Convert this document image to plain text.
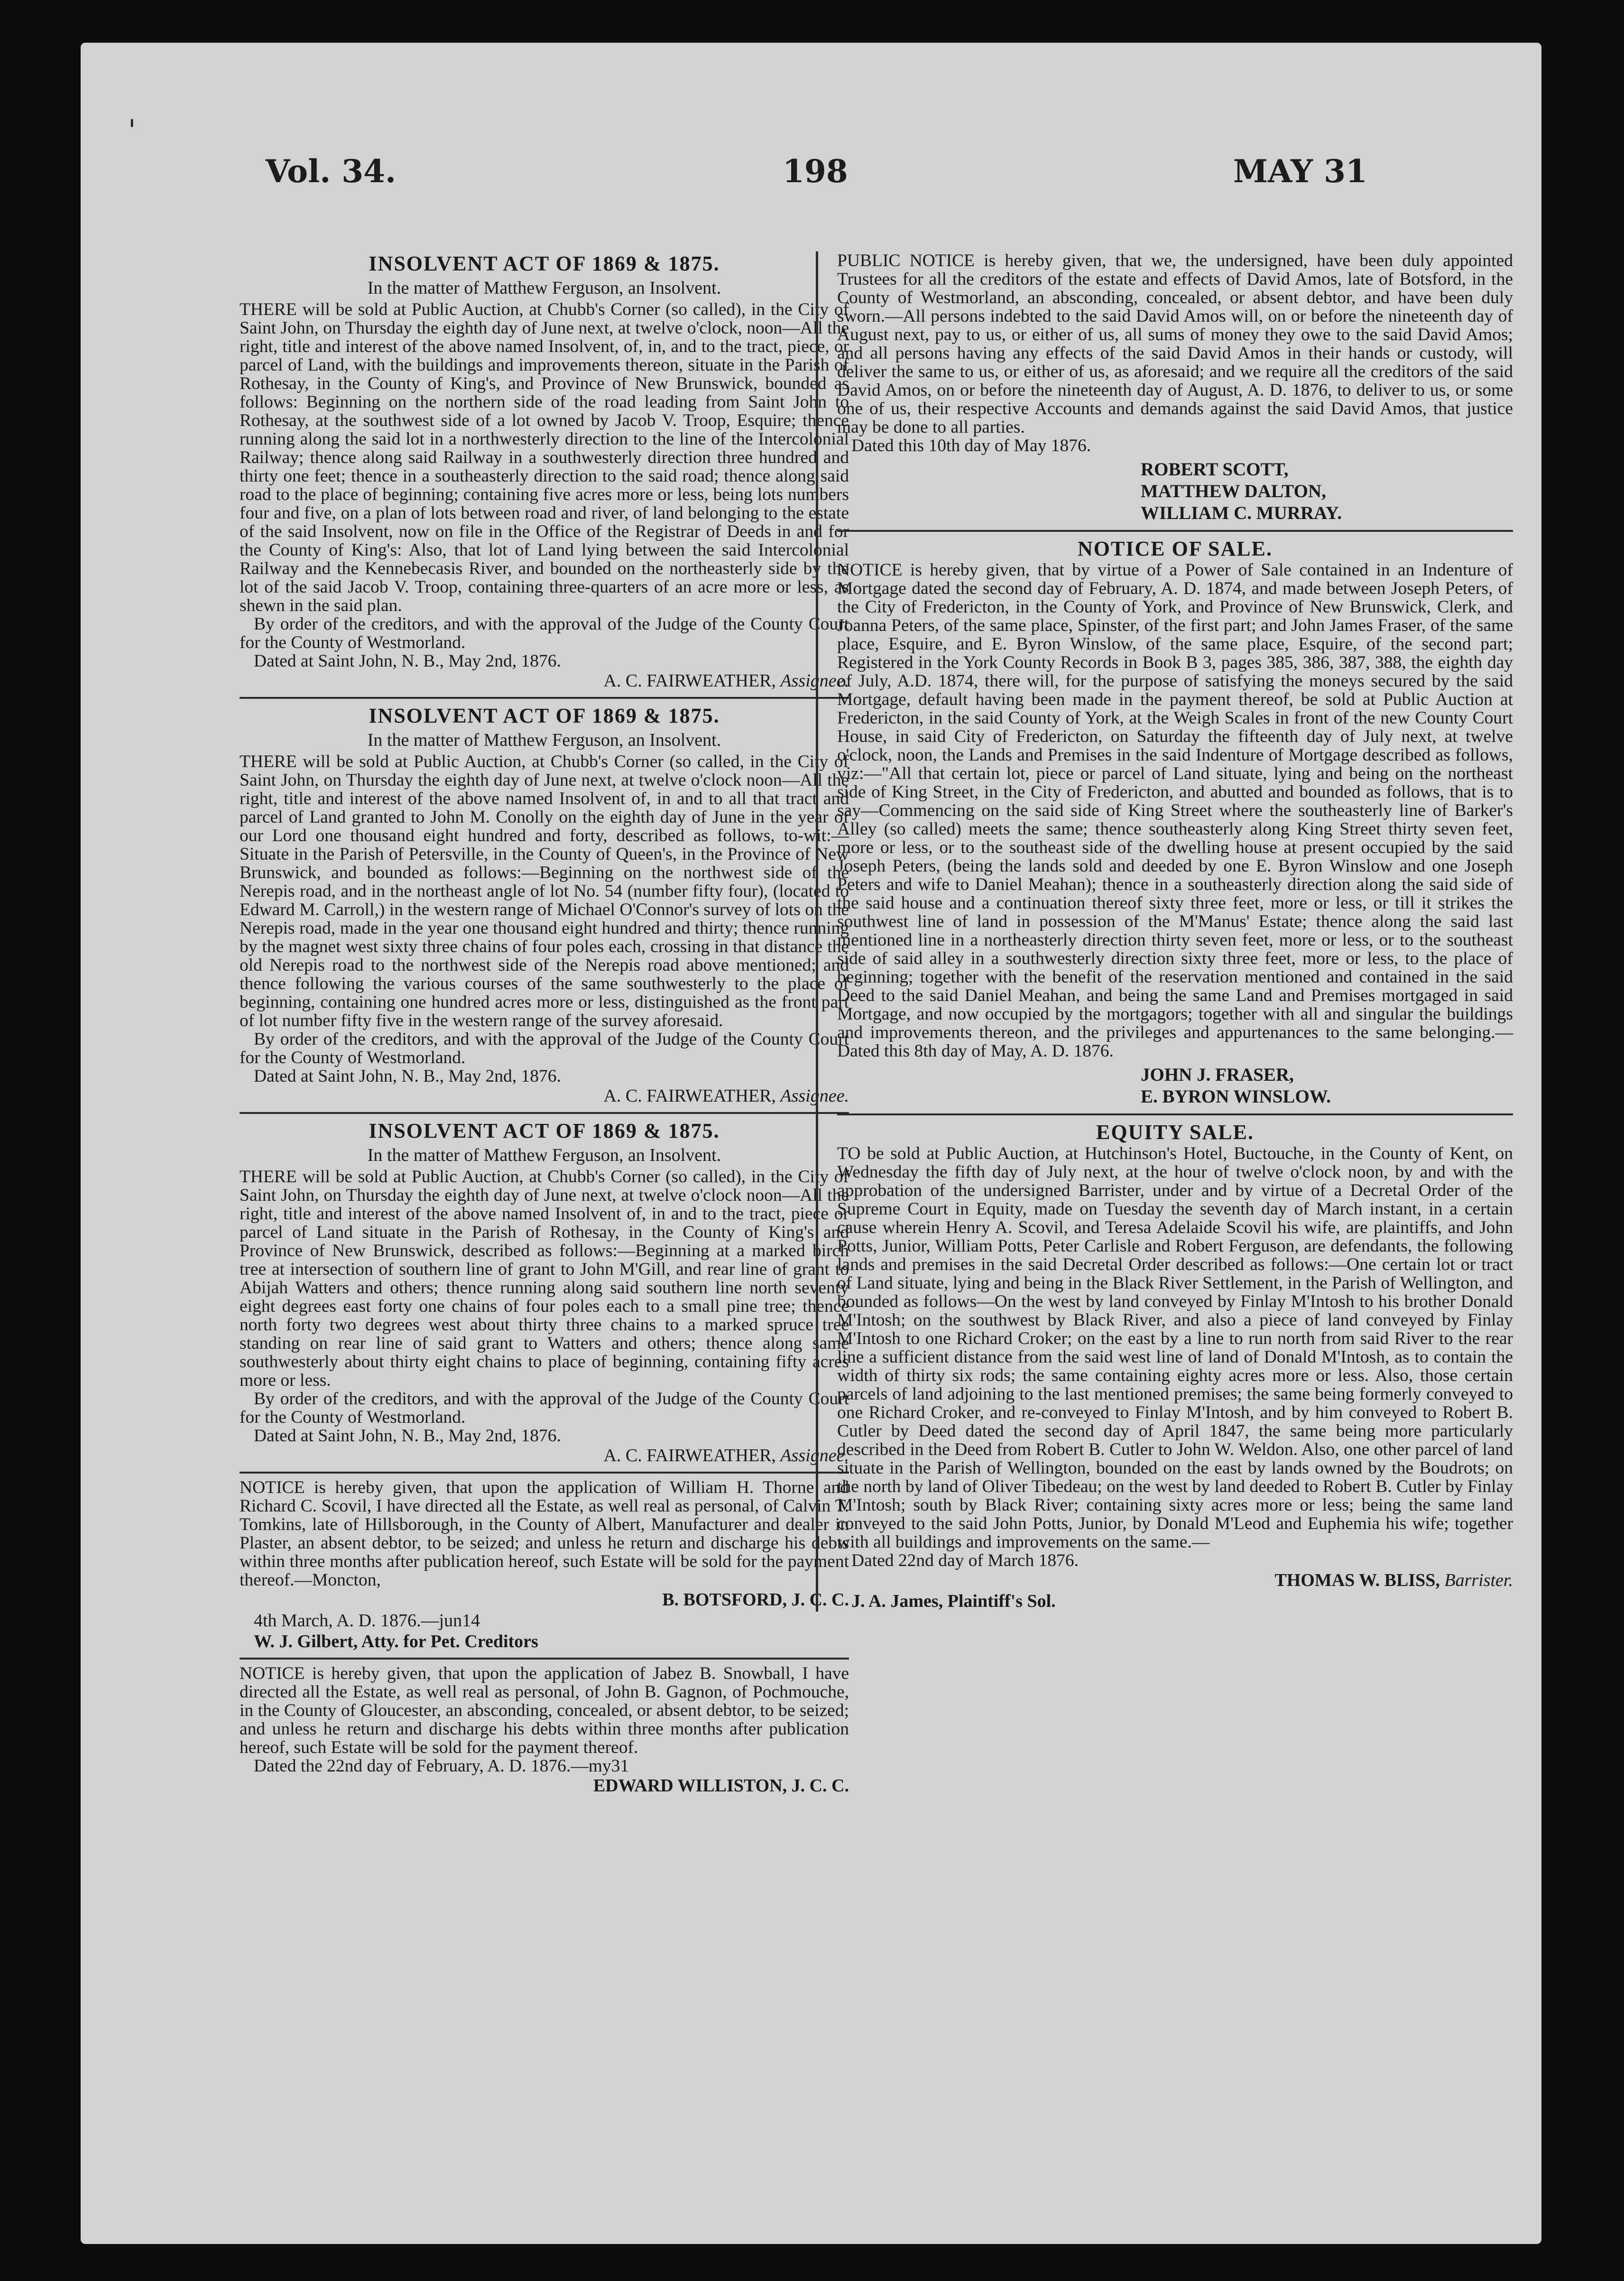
'
Vol. 34.	198	MAY 31

INSOLVENT ACT OF 1869 & 1875.

In the matter of Matthew Ferguson, an Insolvent.

THERE will be sold at Public Auction, at Chubb's Corner (so called), in the City of Saint John, on Thursday the eighth day of June next, at twelve o'clock, noon—All the right, title and interest of the above named Insolvent, of, in, and to the tract, piece, or parcel of Land, with the buildings and improvements thereon, situate in the Parish of Rothesay, in the County of King's, and Province of New Brunswick, bounded as follows: Beginning on the northern side of the road leading from Saint John to Rothesay, at the southwest side of a lot owned by Jacob V. Troop, Esquire; thence running along the said lot in a northwesterly direction to the line of the Intercolonial Railway; thence along said Railway in a southwesterly direction three hundred and thirty one feet; thence in a southeasterly direction to the said road; thence along said road to the place of beginning; containing five acres more or less, being lots numbers four and five, on a plan of lots between road and river, of land belonging to the estate of the said Insolvent, now on file in the Office of the Registrar of Deeds in and for the County of King's: Also, that lot of Land lying between the said Intercolonial Railway and the Kennebecasis River, and bounded on the northeasterly side by the lot of the said Jacob V. Troop, containing three-quarters of an acre more or less, as shewn in the said plan.

By order of the creditors, and with the approval of the Judge of the County Court for the County of Westmorland.

Dated at Saint John, N. B., May 2nd, 1876.

A. C. FAIRWEATHER, Assignee.

INSOLVENT ACT OF 1869 & 1875.

In the matter of Matthew Ferguson, an Insolvent.

THERE will be sold at Public Auction, at Chubb's Corner (so called, in the City of Saint John, on Thursday the eighth day of June next, at twelve o'clock noon—All the right, title and interest of the above named Insolvent of, in and to all that tract and parcel of Land granted to John M. Conolly on the eighth day of June in the year of our Lord one thousand eight hundred and forty, described as follows, to-wit:—Situate in the Parish of Petersville, in the County of Queen's, in the Province of New Brunswick, and bounded as follows:—Beginning on the northwest side of the Nerepis road, and in the northeast angle of lot No. 54 (number fifty four), (located to Edward M. Carroll,) in the western range of Michael O'Connor's survey of lots on the Nerepis road, made in the year one thousand eight hundred and thirty; thence running by the magnet west sixty three chains of four poles each, crossing in that distance the old Nerepis road to the northwest side of the Nerepis road above mentioned; and thence following the various courses of the same southwesterly to the place of beginning, containing one hundred acres more or less, distinguished as the front part of lot number fifty five in the western range of the survey aforesaid.

By order of the creditors, and with the approval of the Judge of the County Court for the County of Westmorland.

Dated at Saint John, N. B., May 2nd, 1876.

A. C. FAIRWEATHER, Assignee.

INSOLVENT ACT OF 1869 & 1875.

In the matter of Matthew Ferguson, an Insolvent.

THERE will be sold at Public Auction, at Chubb's Corner (so called), in the City of Saint John, on Thursday the eighth day of June next, at twelve o'clock noon—All the right, title and interest of the above named Insolvent of, in and to the tract, piece or parcel of Land situate in the Parish of Rothesay, in the County of King's and Province of New Brunswick, described as follows:—Beginning at a marked birch tree at intersection of southern line of grant to John M'Gill, and rear line of grant to Abijah Watters and others; thence running along said southern line north seventy eight degrees east forty one chains of four poles each to a small pine tree; thence north forty two degrees west about thirty three chains to a marked spruce tree standing on rear line of said grant to Watters and others; thence along same southwesterly about thirty eight chains to place of beginning, containing fifty acres more or less.

By order of the creditors, and with the approval of the Judge of the County Court for the County of Westmorland.

Dated at Saint John, N. B., May 2nd, 1876.

A. C. FAIRWEATHER, Assignee.

NOTICE is hereby given, that upon the application of William H. Thorne and Richard C. Scovil, I have directed all the Estate, as well real as personal, of Calvin T. Tomkins, late of Hillsborough, in the County of Albert, Manufacturer and dealer in Plaster, an absent debtor, to be seized; and unless he return and discharge his debts within three months after publication hereof, such Estate will be sold for the payment thereof.—Moncton,

B. BOTSFORD, J. C. C.

4th March, A. D. 1876.—jun14

W. J. Gilbert, Atty. for Pet. Creditors

NOTICE is hereby given, that upon the application of Jabez B. Snowball, I have directed all the Estate, as well real as personal, of John B. Gagnon, of Pochmouche, in the County of Gloucester, an absconding, concealed, or absent debtor, to be seized; and unless he return and discharge his debts within three months after publication hereof, such Estate will be sold for the payment thereof.

Dated the 22nd day of February, A. D. 1876.—my31

EDWARD WILLISTON, J. C. C.

PUBLIC NOTICE is hereby given, that we, the undersigned, have been duly appointed Trustees for all the creditors of the estate and effects of David Amos, late of Botsford, in the County of Westmorland, an absconding, concealed, or absent debtor, and have been duly sworn.—All persons indebted to the said David Amos will, on or before the nineteenth day of August next, pay to us, or either of us, all sums of money they owe to the said David Amos; and all persons having any effects of the said David Amos in their hands or custody, will deliver the same to us, or either of us, as aforesaid; and we require all the creditors of the said David Amos, on or before the nineteenth day of August, A. D. 1876, to deliver to us, or some one of us, their respective Accounts and demands against the said David Amos, that justice may be done to all parties.

Dated this 10th day of May 1876.

ROBERT SCOTT,
MATTHEW DALTON,
WILLIAM C. MURRAY.

NOTICE OF SALE.

NOTICE is hereby given, that by virtue of a Power of Sale contained in an Indenture of Mortgage dated the second day of February, A. D. 1874, and made between Joseph Peters, of the City of Fredericton, in the County of York, and Province of New Brunswick, Clerk, and Joanna Peters, of the same place, Spinster, of the first part; and John James Fraser, of the same place, Esquire, and E. Byron Winslow, of the same place, Esquire, of the second part; Registered in the York County Records in Book B 3, pages 385, 386, 387, 388, the eighth day of July, A.D. 1874, there will, for the purpose of satisfying the moneys secured by the said Mortgage, default having been made in the payment thereof, be sold at Public Auction at Fredericton, in the said County of York, at the Weigh Scales in front of the new County Court House, in said City of Fredericton, on Saturday the fifteenth day of July next, at twelve o'clock, noon, the Lands and Premises in the said Indenture of Mortgage described as follows, viz:—"All that certain lot, piece or parcel of Land situate, lying and being on the northeast side of King Street, in the City of Fredericton, and abutted and bounded as follows, that is to say—Commencing on the said side of King Street where the southeasterly line of Barker's Alley (so called) meets the same; thence southeasterly along King Street thirty seven feet, more or less, or to the southeast side of the dwelling house at present occupied by the said Joseph Peters, (being the lands sold and deeded by one E. Byron Winslow and one Joseph Peters and wife to Daniel Meahan); thence in a southeasterly direction along the said side of the said house and a continuation thereof sixty three feet, more or less, or till it strikes the southwest line of land in possession of the M'Manus' Estate; thence along the said last mentioned line in a northeasterly direction thirty seven feet, more or less, or to the southeast side of said alley in a southwesterly direction sixty three feet, more or less, to the place of beginning; together with the benefit of the reservation mentioned and contained in the said Deed to the said Daniel Meahan, and being the same Land and Premises mortgaged in said Mortgage, and now occupied by the mortgagors; together with all and singular the buildings and improvements thereon, and the privileges and appurtenances to the same belonging.—Dated this 8th day of May, A. D. 1876.

JOHN J. FRASER,
E. BYRON WINSLOW.

EQUITY SALE.

TO be sold at Public Auction, at Hutchinson's Hotel, Buctouche, in the County of Kent, on Wednesday the fifth day of July next, at the hour of twelve o'clock noon, by and with the approbation of the undersigned Barrister, under and by virtue of a Decretal Order of the Supreme Court in Equity, made on Tuesday the seventh day of March instant, in a certain cause wherein Henry A. Scovil, and Teresa Adelaide Scovil his wife, are plaintiffs, and John Potts, Junior, William Potts, Peter Carlisle and Robert Ferguson, are defendants, the following lands and premises in the said Decretal Order described as follows:—One certain lot or tract of Land situate, lying and being in the Black River Settlement, in the Parish of Wellington, and bounded as follows—On the west by land conveyed by Finlay M'Intosh to his brother Donald M'Intosh; on the southwest by Black River, and also a piece of land conveyed by Finlay M'Intosh to one Richard Croker; on the east by a line to run north from said River to the rear line a sufficient distance from the said west line of land of Donald M'Intosh, as to contain the width of thirty six rods; the same containing eighty acres more or less. Also, those certain parcels of land adjoining to the last mentioned premises; the same being formerly conveyed to one Richard Croker, and re-conveyed to Finlay M'Intosh, and by him conveyed to Robert B. Cutler by Deed dated the second day of April 1847, the same being more particularly described in the Deed from Robert B. Cutler to John W. Weldon. Also, one other parcel of land situate in the Parish of Wellington, bounded on the east by lands owned by the Boudrots; on the north by land of Oliver Tibedeau; on the west by land deeded to Robert B. Cutler by Finlay M'Intosh; south by Black River; containing sixty acres more or less; being the same land conveyed to the said John Potts, Junior, by Donald M'Leod and Euphemia his wife; together with all buildings and improvements on the same.—

Dated 22nd day of March 1876.

THOMAS W. BLISS, Barrister.

J. A. James, Plaintiff's Sol.
